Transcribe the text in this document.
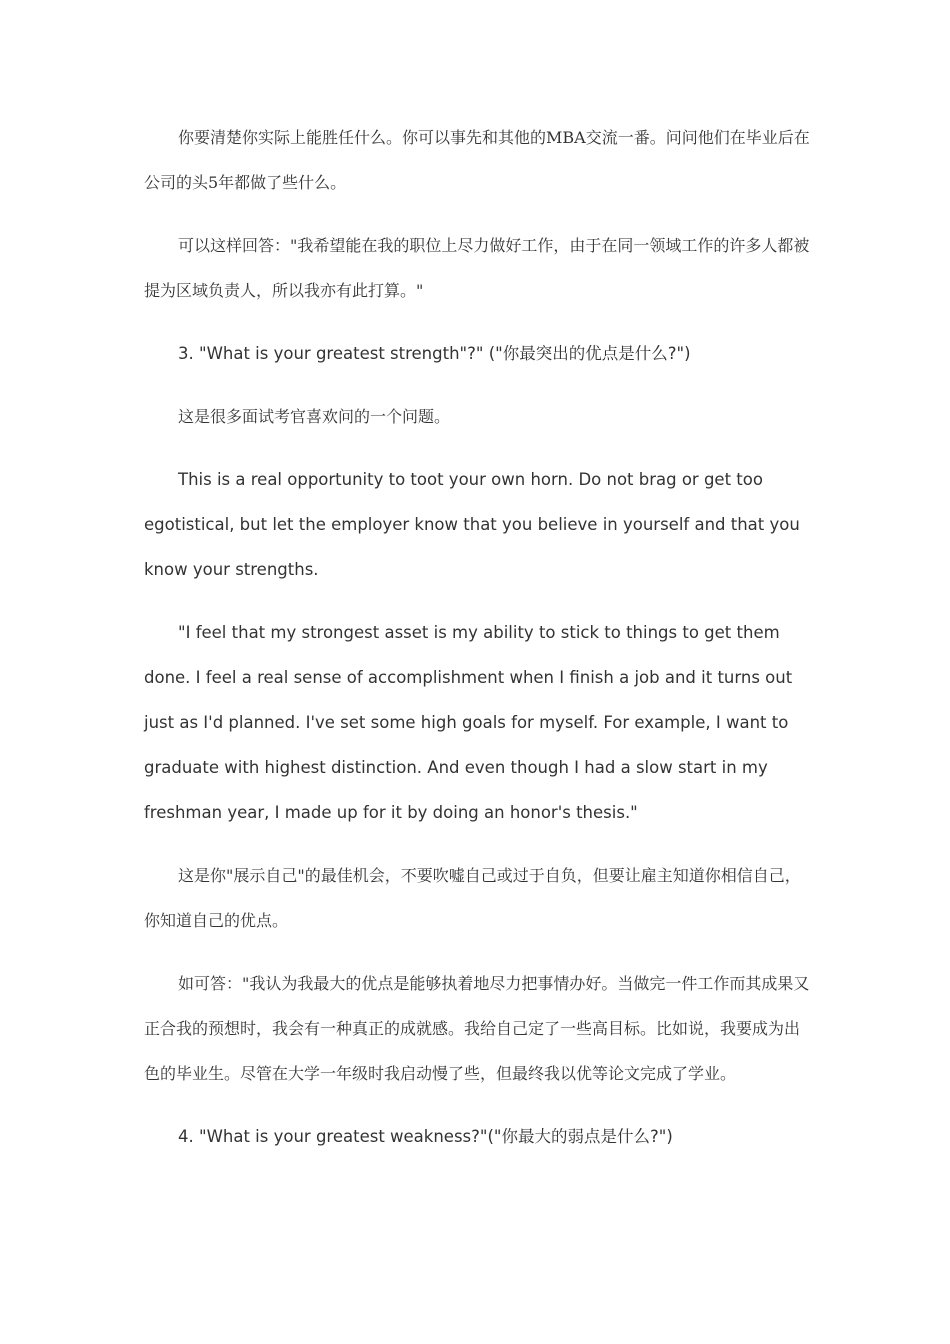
你要清楚你实际上能胜任什么。你可以事先和其他的MBA交流一番。问问他们在毕业后在公司的头5年都做了些什么。

可以这样回答："我希望能在我的职位上尽力做好工作，由于在同一领域工作的许多人都被提为区域负责人，所以我亦有此打算。"

3. "What is your greatest strength"?" ("你最突出的优点是什么?")

这是很多面试考官喜欢问的一个问题。

This is a real opportunity to toot your own horn. Do not brag or get too egotistical, but let the employer know that you believe in yourself and that you know your strengths.

"I feel that my strongest asset is my ability to stick to things to get them done. I feel a real sense of accomplishment when I finish a job and it turns out just as I'd planned. I've set some high goals for myself. For example, I want to graduate with highest distinction. And even though I had a slow start in my freshman year, I made up for it by doing an honor's thesis."

这是你"展示自己"的最佳机会，不要吹嘘自己或过于自负，但要让雇主知道你相信自己，你知道自己的优点。

如可答："我认为我最大的优点是能够执着地尽力把事情办好。当做完一件工作而其成果又正合我的预想时，我会有一种真正的成就感。我给自己定了一些高目标。比如说，我要成为出色的毕业生。尽管在大学一年级时我启动慢了些，但最终我以优等论文完成了学业。

4. "What is your greatest weakness?"("你最大的弱点是什么?")
